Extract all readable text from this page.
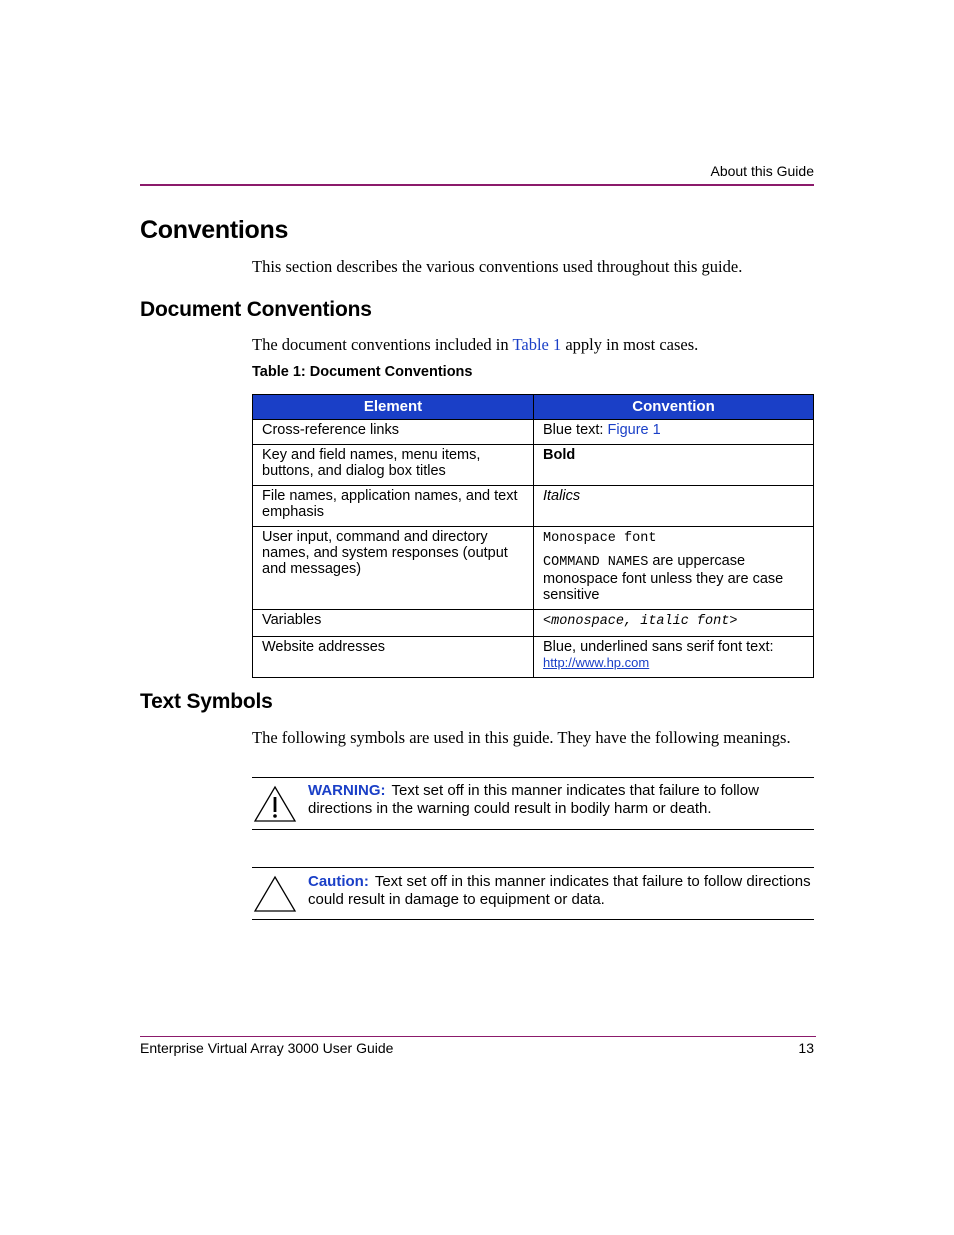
About this Guide
Conventions
This section describes the various conventions used throughout this guide.
Document Conventions
The document conventions included in Table 1 apply in most cases.
Table 1: Document Conventions
Element	Convention
Cross-reference links	Blue text: Figure 1
Key and field names, menu items, buttons, and dialog box titles	Bold
File names, application names, and text emphasis	Italics
User input, command and directory names, and system responses (output and messages)	Monospace font
COMMAND NAMES are uppercase monospace font unless they are case sensitive

Variables	<monospace, italic font>
Website addresses	Blue, underlined sans serif font text:
http://www.hp.com
Text Symbols
The following symbols are used in this guide. They have the following meanings.
WARNING: Text set off in this manner indicates that failure to follow directions in the warning could result in bodily harm or death.
Caution: Text set off in this manner indicates that failure to follow directions could result in damage to equipment or data.
Enterprise Virtual Array 3000 User Guide	13
